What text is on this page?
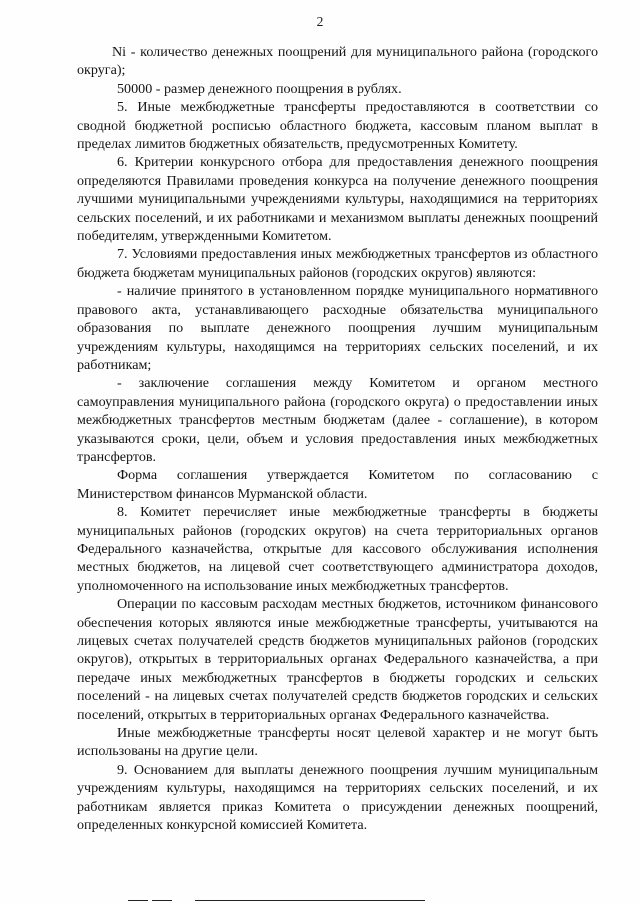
2

Ni - количество денежных поощрений для муниципального района (городского округа);

50000 - размер денежного поощрения в рублях.

5. Иные межбюджетные трансферты предоставляются в соответствии со сводной бюджетной росписью областного бюджета, кассовым планом выплат в пределах лимитов бюджетных обязательств, предусмотренных Комитету.

6. Критерии конкурсного отбора для предоставления денежного поощрения определяются Правилами проведения конкурса на получение денежного поощрения лучшими муниципальными учреждениями культуры, находящимися на территориях сельских поселений, и их работниками и механизмом выплаты денежных поощрений победителям, утвержденными Комитетом.

7. Условиями предоставления иных межбюджетных трансфертов из областного бюджета бюджетам муниципальных районов (городских округов) являются:

- наличие принятого в установленном порядке муниципального нормативного правового акта, устанавливающего расходные обязательства муниципального образования по выплате денежного поощрения лучшим муниципальным учреждениям культуры, находящимся на территориях сельских поселений, и их работникам;

- заключение соглашения между Комитетом и органом местного самоуправления муниципального района (городского округа) о предоставлении иных межбюджетных трансфертов местным бюджетам (далее - соглашение), в котором указываются сроки, цели, объем и условия предоставления иных межбюджетных трансфертов.

Форма соглашения утверждается Комитетом по согласованию с Министерством финансов Мурманской области.

8. Комитет перечисляет иные межбюджетные трансферты в бюджеты муниципальных районов (городских округов) на счета территориальных органов Федерального казначейства, открытые для кассового обслуживания исполнения местных бюджетов, на лицевой счет соответствующего администратора доходов, уполномоченного на использование иных межбюджетных трансфертов.

Операции по кассовым расходам местных бюджетов, источником финансового обеспечения которых являются иные межбюджетные трансферты, учитываются на лицевых счетах получателей средств бюджетов муниципальных районов (городских округов), открытых в территориальных органах Федерального казначейства, а при передаче иных межбюджетных трансфертов в бюджеты городских и сельских поселений - на лицевых счетах получателей средств бюджетов городских и сельских поселений, открытых в территориальных органах Федерального казначейства.

Иные межбюджетные трансферты носят целевой характер и не могут быть использованы на другие цели.

9. Основанием для выплаты денежного поощрения лучшим муниципальным учреждениям культуры, находящимся на территориях сельских поселений, и их работникам является приказ Комитета о присуждении денежных поощрений, определенных конкурсной комиссией Комитета.
